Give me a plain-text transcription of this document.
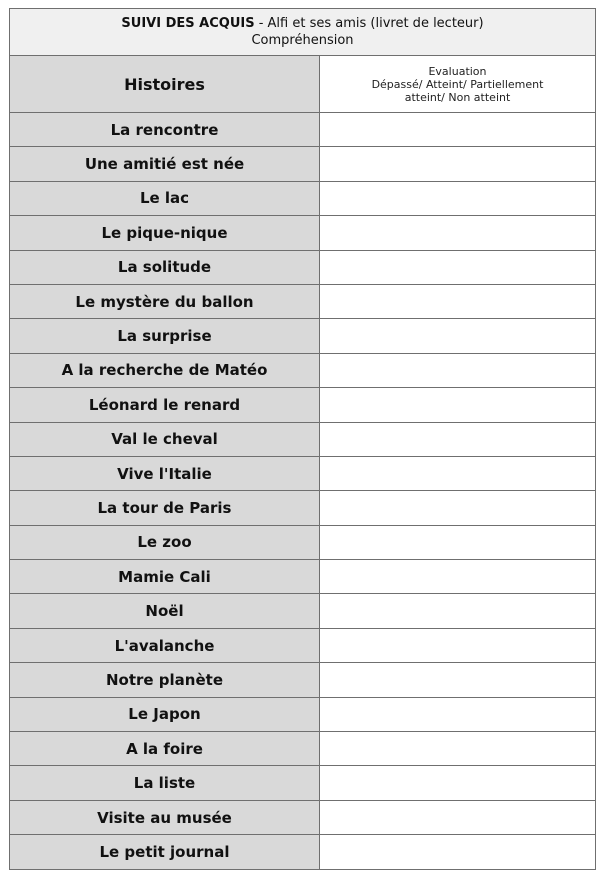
SUIVI DES ACQUIS - Alfi et ses amis (livret de lecteur)
Compréhension	

Histoires	Evaluation
Dépassé/ Atteint/ Partiellement atteint/ Non atteint

La rencontre	
Une amitié est née	
Le lac	
Le pique-nique	
La solitude	
Le mystère du ballon	
La surprise	
A la recherche de Matéo	
Léonard le renard	
Val le cheval	
Vive l'Italie	
La tour de Paris	
Le zoo	
Mamie Cali	
Noël	
L'avalanche	
Notre planète	
Le Japon	
A la foire	
La liste	
Visite au musée	
Le petit journal	
